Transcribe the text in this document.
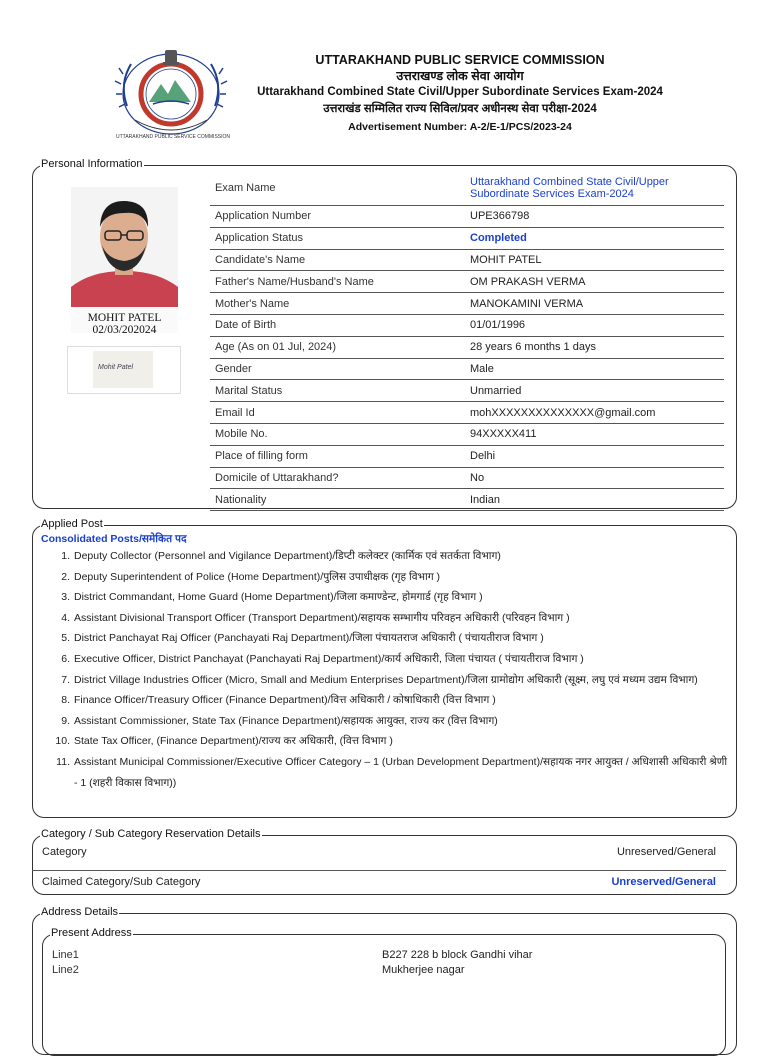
UTTARAKHAND PUBLIC SERVICE COMMISSION
UTTARAKHAND PUBLIC SERVICE COMMISSION
उत्तराखण्ड लोक सेवा आयोग
Uttarakhand Combined State Civil/Upper Subordinate Services Exam-2024
उत्तराखंड सम्मिलित राज्य सिविल/प्रवर अधीनस्थ सेवा परीक्षा-2024
Advertisement Number: A-2/E-1/PCS/2023-24
Personal Information
MOHIT PATEL
02/03/202024
Mohit Patel
Exam Name	Uttarakhand Combined State Civil/Upper Subordinate Services Exam-2024
Application Number	UPE366798
Application Status	Completed
Candidate's Name	MOHIT PATEL
Father's Name/Husband's Name	OM PRAKASH VERMA
Mother's Name	MANOKAMINI VERMA
Date of Birth	01/01/1996
Age (As on 01 Jul, 2024)	28 years 6 months 1 days
Gender	Male
Marital Status	Unmarried
Email Id	mohXXXXXXXXXXXXXX@gmail.com
Mobile No.	94XXXXX411
Place of filling form	Delhi
Domicile of Uttarakhand?	No
Nationality	Indian
Applied Post
Consolidated Posts/समेकित पद
1. Deputy Collector (Personnel and Vigilance Department)/डिप्टी कलेक्टर (कार्मिक एवं सतर्कता विभाग)
2. Deputy Superintendent of Police (Home Department)/पुलिस उपाधीक्षक (गृह विभाग )
3. District Commandant, Home Guard (Home Department)/जिला कमाण्डेन्ट, होमगार्ड (गृह विभाग )
4. Assistant Divisional Transport Officer (Transport Department)/सहायक सम्भागीय परिवहन अधिकारी (परिवहन विभाग )
5. District Panchayat Raj Officer (Panchayati Raj Department)/जिला पंचायतराज अधिकारी ( पंचायतीराज विभाग )
6. Executive Officer, District Panchayat (Panchayati Raj Department)/कार्य अधिकारी, जिला पंचायत ( पंचायतीराज विभाग )
7. District Village Industries Officer (Micro, Small and Medium Enterprises Department)/जिला ग्रामोद्योग अधिकारी (सूक्ष्म, लघु एवं मध्यम उद्यम विभाग)
8. Finance Officer/Treasury Officer (Finance Department)/वित्त अधिकारी / कोषाधिकारी (वित्त विभाग )
9. Assistant Commissioner, State Tax (Finance Department)/सहायक आयुक्त, राज्य कर (वित्त विभाग)
10. State Tax Officer, (Finance Department)/राज्य कर अधिकारी, (वित्त विभाग )
11. Assistant Municipal Commissioner/Executive Officer Category – 1 (Urban Development Department)/सहायक नगर आयुक्त / अधिशासी अधिकारी श्रेणी - 1 (शहरी विकास विभाग))
Category / Sub Category Reservation Details
Category	Unreserved/General
Claimed Category/Sub Category	Unreserved/General
Address Details
Present Address
Line1	B227 228 b block Gandhi vihar
Line2	Mukherjee nagar
